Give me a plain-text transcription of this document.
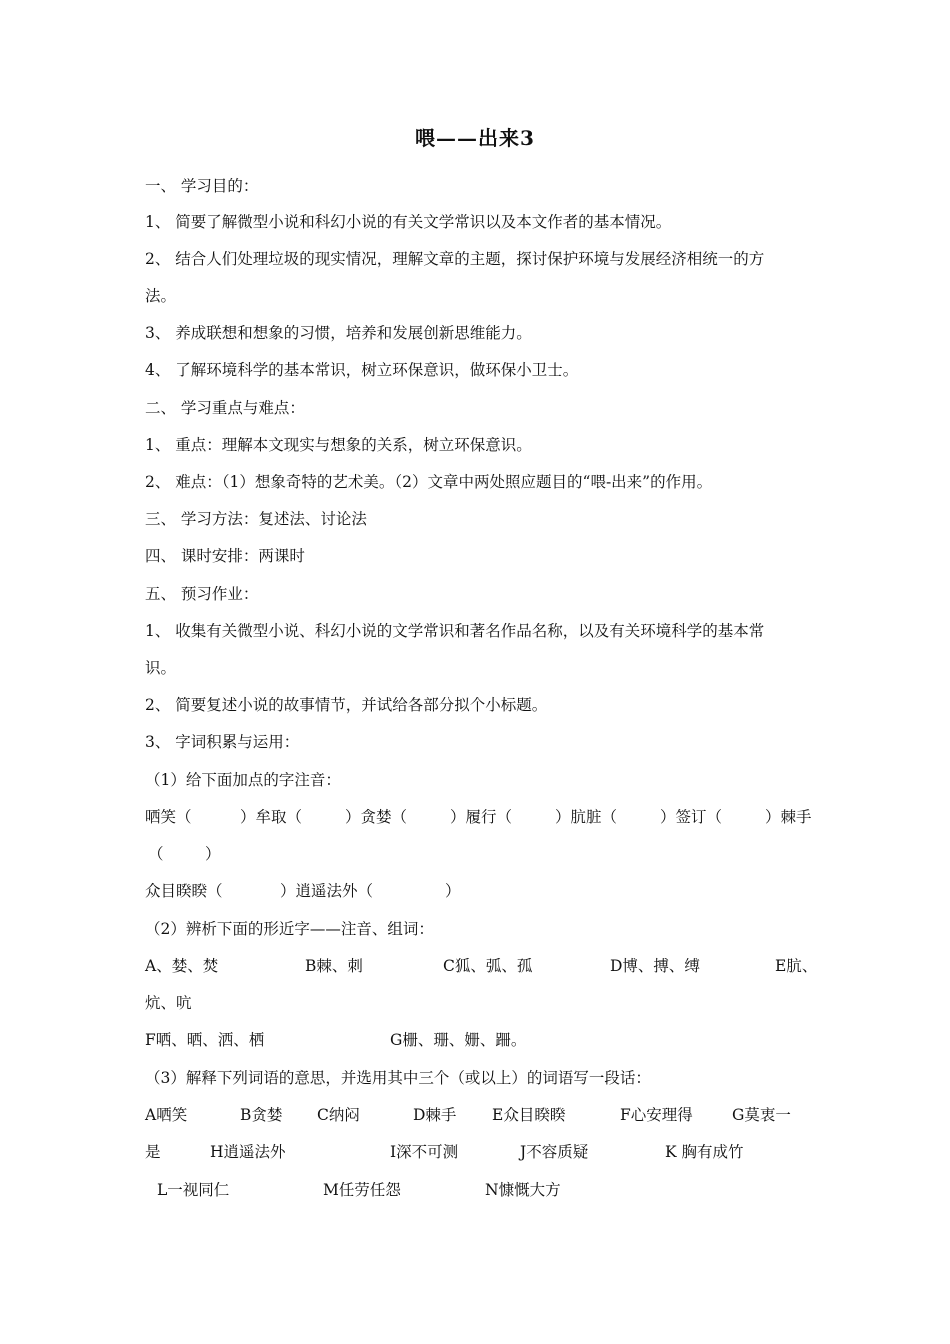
喂——出来3
一、 学习目的：
1、 简要了解微型小说和科幻小说的有关文学常识以及本文作者的基本情况。
2、 结合人们处理垃圾的现实情况，理解文章的主题，探讨保护环境与发展经济相统一的方
法。
3、 养成联想和想象的习惯，培养和发展创新思维能力。
4、 了解环境科学的基本常识，树立环保意识，做环保小卫士。
二、 学习重点与难点：
1、 重点：理解本文现实与想象的关系，树立环保意识。
2、 难点：（1）想象奇特的艺术美。（2）文章中两处照应题目的“喂-出来”的作用。
三、 学习方法：复述法、讨论法
四、 课时安排：两课时
五、 预习作业：
1、 收集有关微型小说、科幻小说的文学常识和著名作品名称，以及有关环境科学的基本常
识。
2、 简要复述小说的故事情节，并试给各部分拟个小标题。
3、 字词积累与运用：
（1）给下面加点的字注音：
哂笑（	）牟取（	）贪婪（	）履行（	）肮脏（	）签订（	）棘手
（	）
众目睽睽（	）逍遥法外（	）
（2）辨析下面的形近字——注音、组词：
A、婪、焚	B棘、刺	C狐、弧、孤	D博、搏、缚	E肮、
炕、吭
F哂、晒、洒、栖	G栅、珊、姗、跚。
（3）解释下列词语的意思，并选用其中三个（或以上）的词语写一段话：
A哂笑	B贪婪 C纳闷	D棘手 E众目睽睽	F心安理得	G莫衷一
是	H逍遥法外	I深不可测	J不容质疑	K 胸有成竹
L一视同仁	M任劳任怨	N慷慨大方
